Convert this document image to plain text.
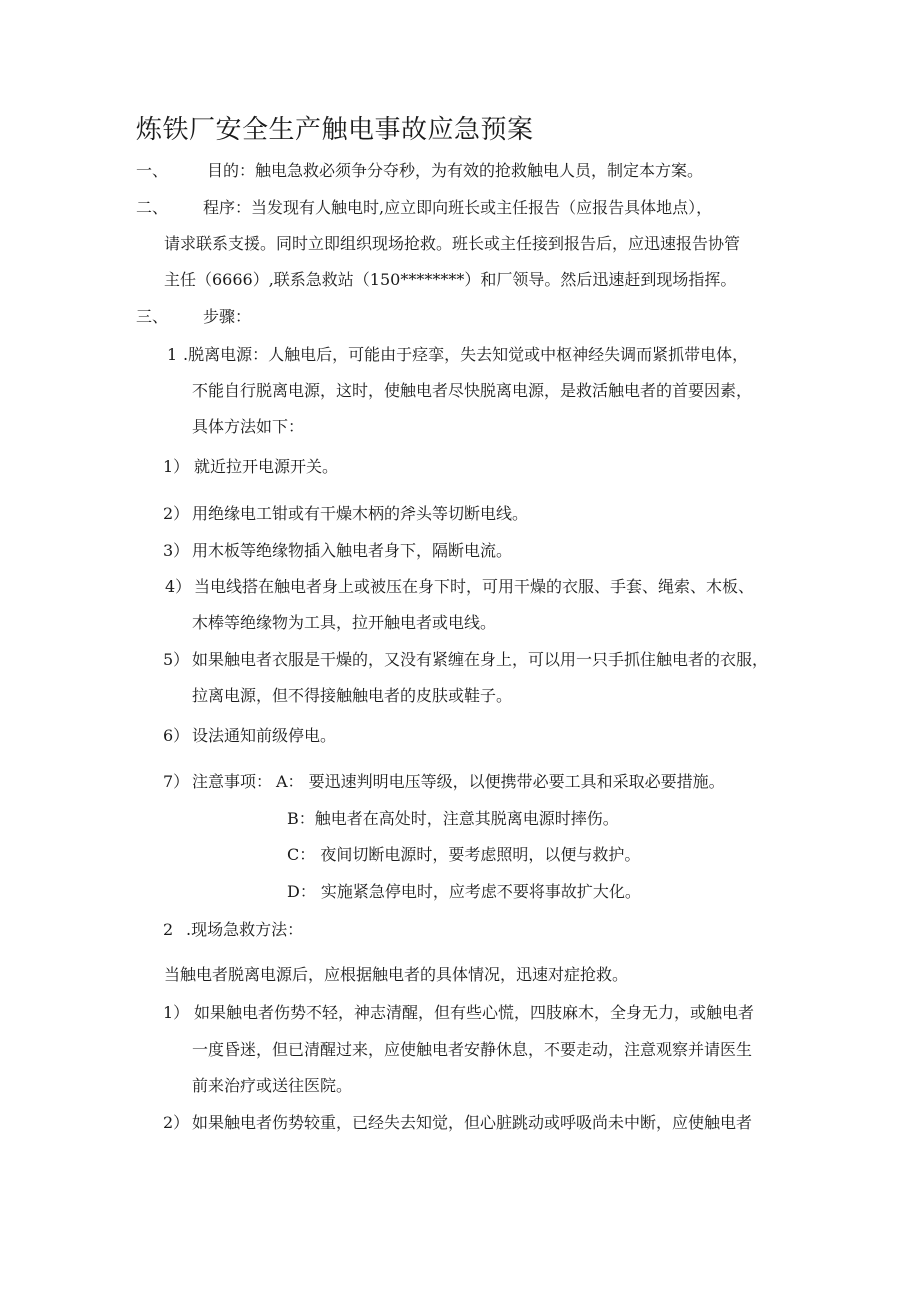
炼铁厂安全生产触电事故应急预案
一、 目的：触电急救必须争分夺秒，为有效的抢救触电人员，制定本方案。
二、 程序：当发现有人触电时,应立即向班长或主任报告（应报告具体地点），
请求联系支援。同时立即组织现场抢救。班长或主任接到报告后，应迅速报告协管
主任（6666）,联系急救站（150********）和厂领导。然后迅速赶到现场指挥。
三、 步骤：
1 .脱离电源：人触电后，可能由于痉挛，失去知觉或中枢神经失调而紧抓带电体，
不能自行脱离电源，这时，使触电者尽快脱离电源，是救活触电者的首要因素，
具体方法如下：
1） 就近拉开电源开关。
2） 用绝缘电工钳或有干燥木柄的斧头等切断电线。
3） 用木板等绝缘物插入触电者身下，隔断电流。
4） 当电线搭在触电者身上或被压在身下时，可用干燥的衣服、手套、绳索、木板、
木棒等绝缘物为工具，拉开触电者或电线。
5） 如果触电者衣服是干燥的，又没有紧缠在身上，可以用一只手抓住触电者的衣服，
拉离电源，但不得接触触电者的皮肤或鞋子。
6） 设法通知前级停电。
7） 注意事项： A： 要迅速判明电压等级，以便携带必要工具和采取必要措施。
B：触电者在高处时，注意其脱离电源时摔伤。
C： 夜间切断电源时，要考虑照明，以便与救护。
D： 实施紧急停电时，应考虑不要将事故扩大化。
2 .现场急救方法：
当触电者脱离电源后，应根据触电者的具体情况，迅速对症抢救。
1） 如果触电者伤势不轻，神志清醒，但有些心慌，四肢麻木，全身无力，或触电者
一度昏迷，但已清醒过来，应使触电者安静休息，不要走动，注意观察并请医生
前来治疗或送往医院。
2） 如果触电者伤势较重，已经失去知觉，但心脏跳动或呼吸尚未中断，应使触电者
